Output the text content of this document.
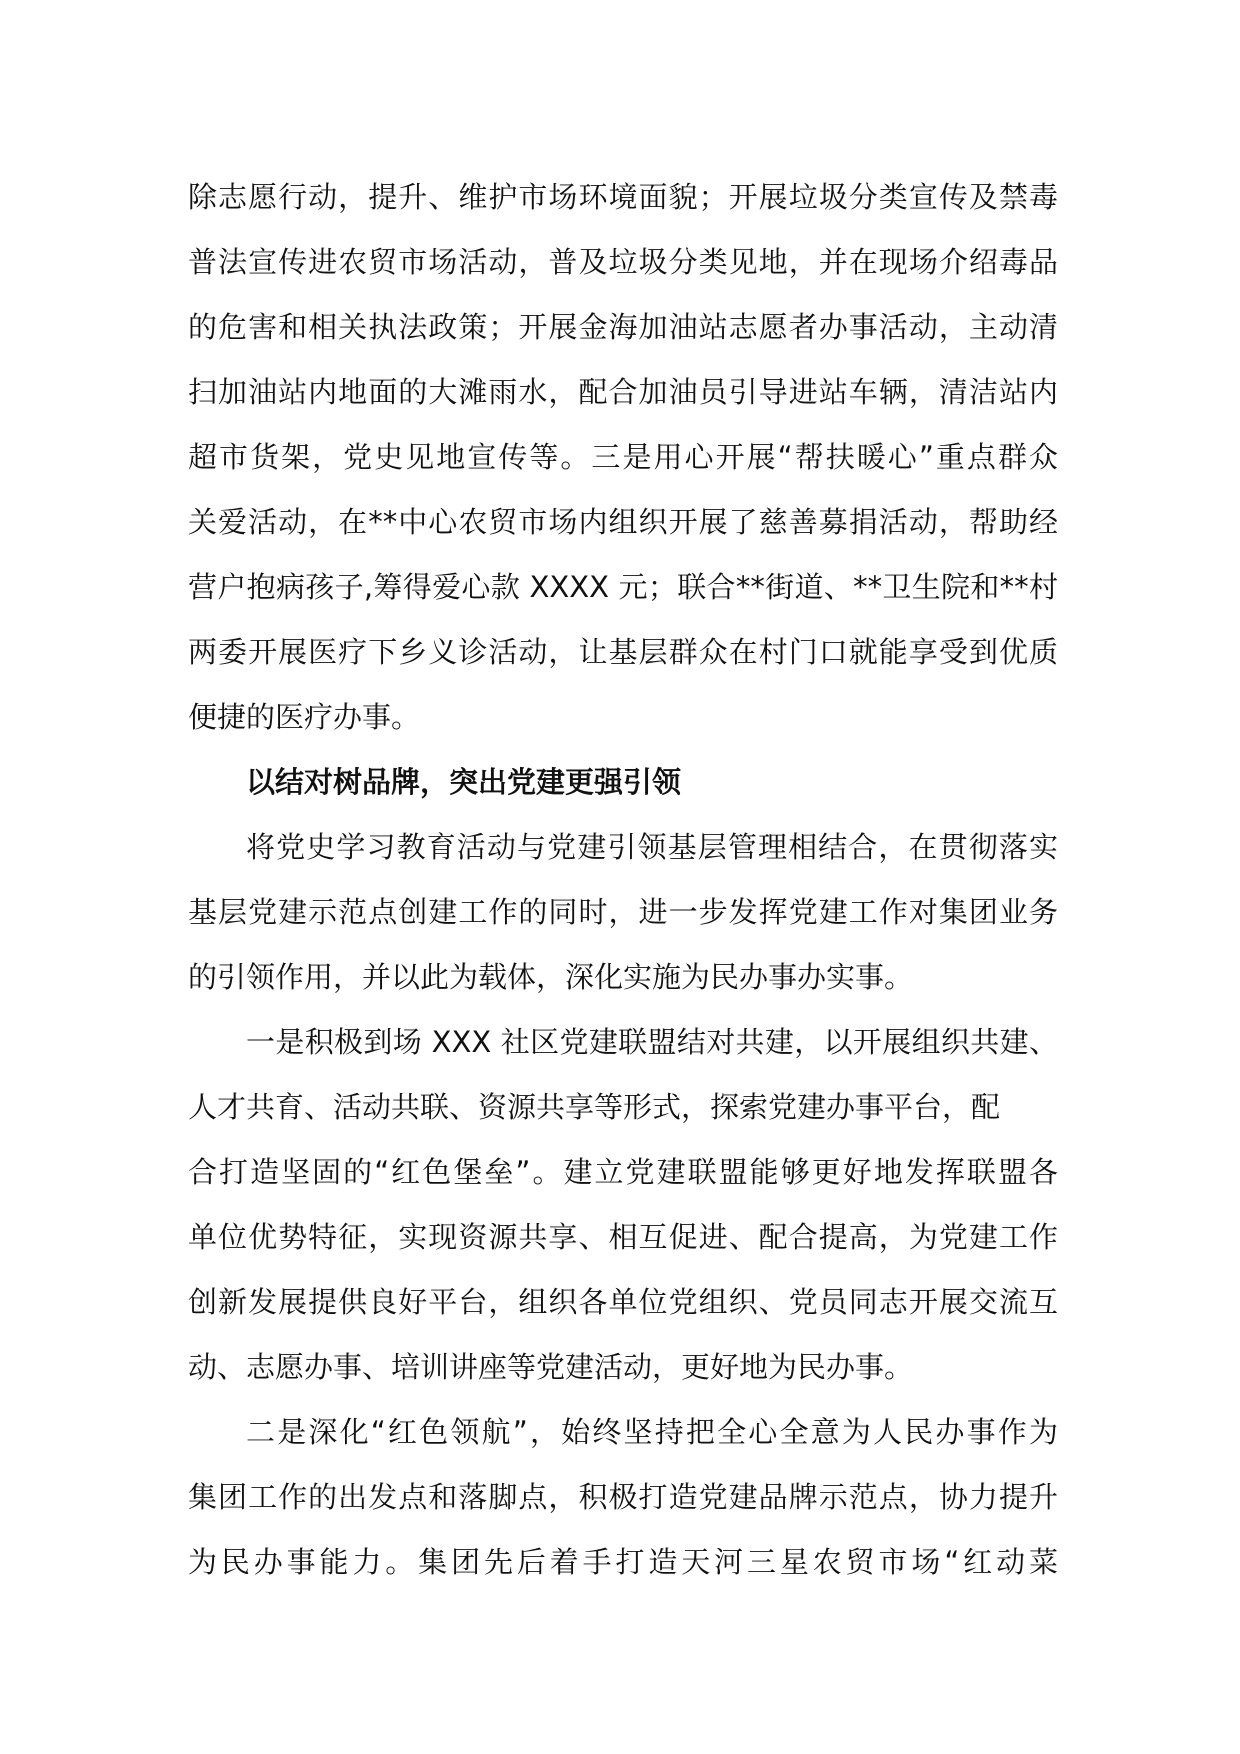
除志愿行动，提升、维护市场环境面貌；开展垃圾分类宣传及禁毒
普法宣传进农贸市场活动，普及垃圾分类见地，并在现场介绍毒品
的危害和相关执法政策；开展金海加油站志愿者办事活动，主动清
扫加油站内地面的大滩雨水，配合加油员引导进站车辆，清洁站内
超市货架，党史见地宣传等。三是用心开展“帮扶暖心”重点群众
关爱活动，在**中心农贸市场内组织开展了慈善募捐活动，帮助经
营户抱病孩子,筹得爱心款 XXXX 元；联合**街道、**卫生院和**村
两委开展医疗下乡义诊活动，让基层群众在村门口就能享受到优质
便捷的医疗办事。
以结对树品牌，突出党建更强引领
将党史学习教育活动与党建引领基层管理相结合，在贯彻落实
基层党建示范点创建工作的同时，进一步发挥党建工作对集团业务
的引领作用，并以此为载体，深化实施为民办事办实事。
一是积极到场 XXX 社区党建联盟结对共建，以开展组织共建、
人才共育、活动共联、资源共享等形式，探索党建办事平台，配
合打造坚固的“红色堡垒”。建立党建联盟能够更好地发挥联盟各
单位优势特征，实现资源共享、相互促进、配合提高，为党建工作
创新发展提供良好平台，组织各单位党组织、党员同志开展交流互
动、志愿办事、培训讲座等党建活动，更好地为民办事。
二是深化“红色领航”，始终坚持把全心全意为人民办事作为
集团工作的出发点和落脚点，积极打造党建品牌示范点，协力提升
为民办事能力。集团先后着手打造天河三星农贸市场“红动菜
